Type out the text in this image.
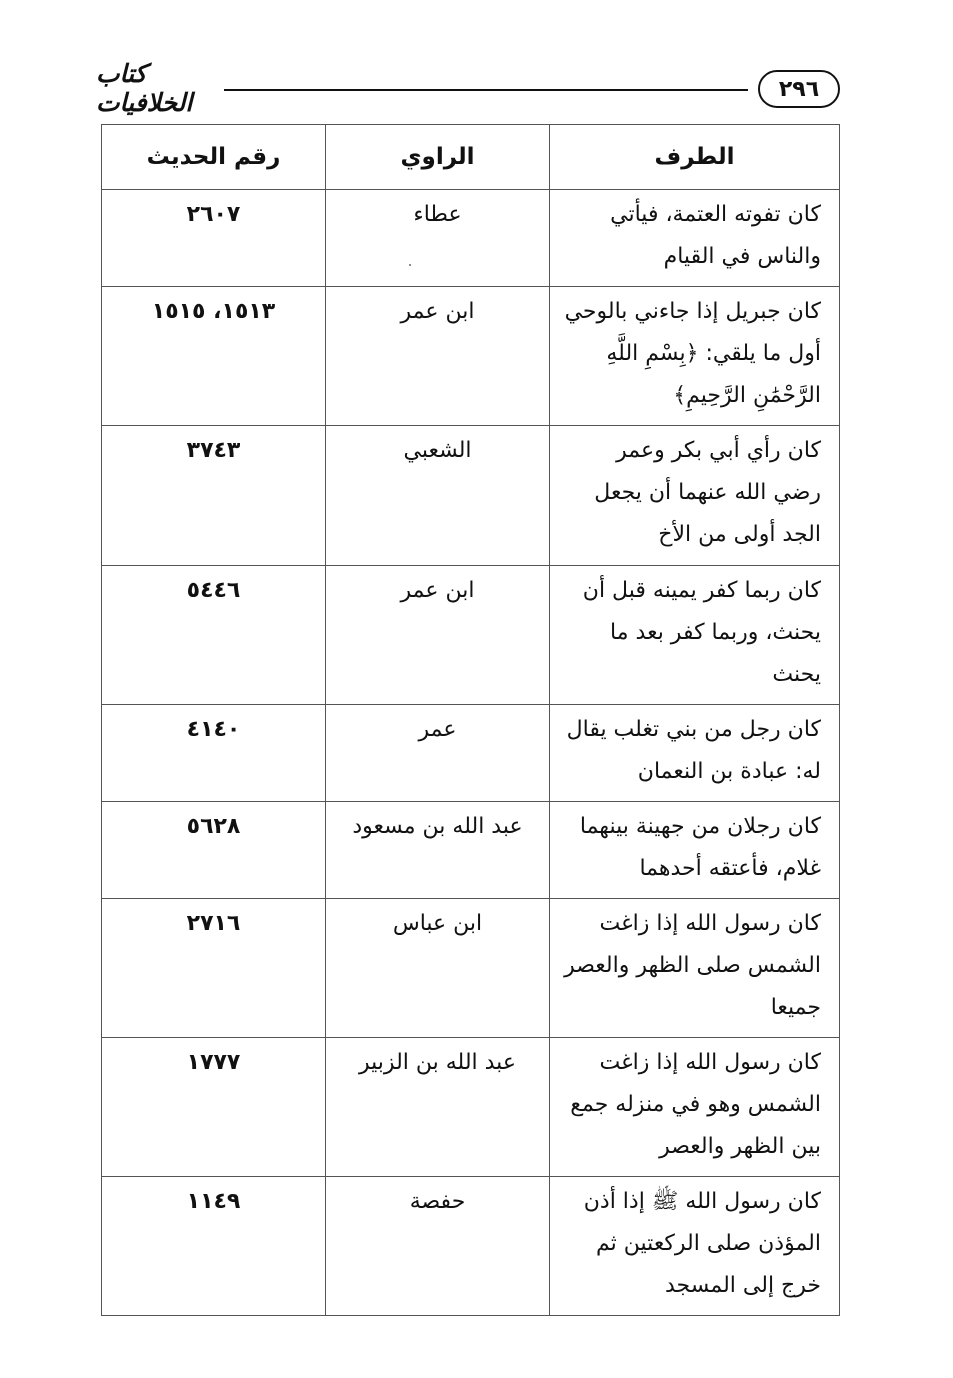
كتاب الخلافيات	٢٩٦
الطرف	الراوي	رقم الحديث
كان تفوته العتمة، فيأتي والناس في القيام	عطاء	٢٦٠٧
كان جبريل إذا جاءني بالوحي أول ما يلقي: ﴿بِسْمِ اللَّهِ الرَّحْمَٰنِ الرَّحِيمِ﴾	ابن عمر	١٥١٣، ١٥١٥
كان رأي أبي بكر وعمر رضي الله عنهما أن يجعل الجد أولى من الأخ	الشعبي	٣٧٤٣
كان ربما كفر يمينه قبل أن يحنث، وربما كفر بعد ما يحنث	ابن عمر	٥٤٤٦
كان رجل من بني تغلب يقال له: عبادة بن النعمان	عمر	٤١٤٠
كان رجلان من جهينة بينهما غلام، فأعتقه أحدهما	عبد الله بن مسعود	٥٦٢٨
كان رسول الله إذا زاغت الشمس صلى الظهر والعصر جميعا	ابن عباس	٢٧١٦
كان رسول الله إذا زاغت الشمس وهو في منزله جمع بين الظهر والعصر	عبد الله بن الزبير	١٧٧٧
كان رسول الله ﷺ إذا أذن المؤذن صلى الركعتين ثم خرج إلى المسجد	حفصة	١١٤٩
